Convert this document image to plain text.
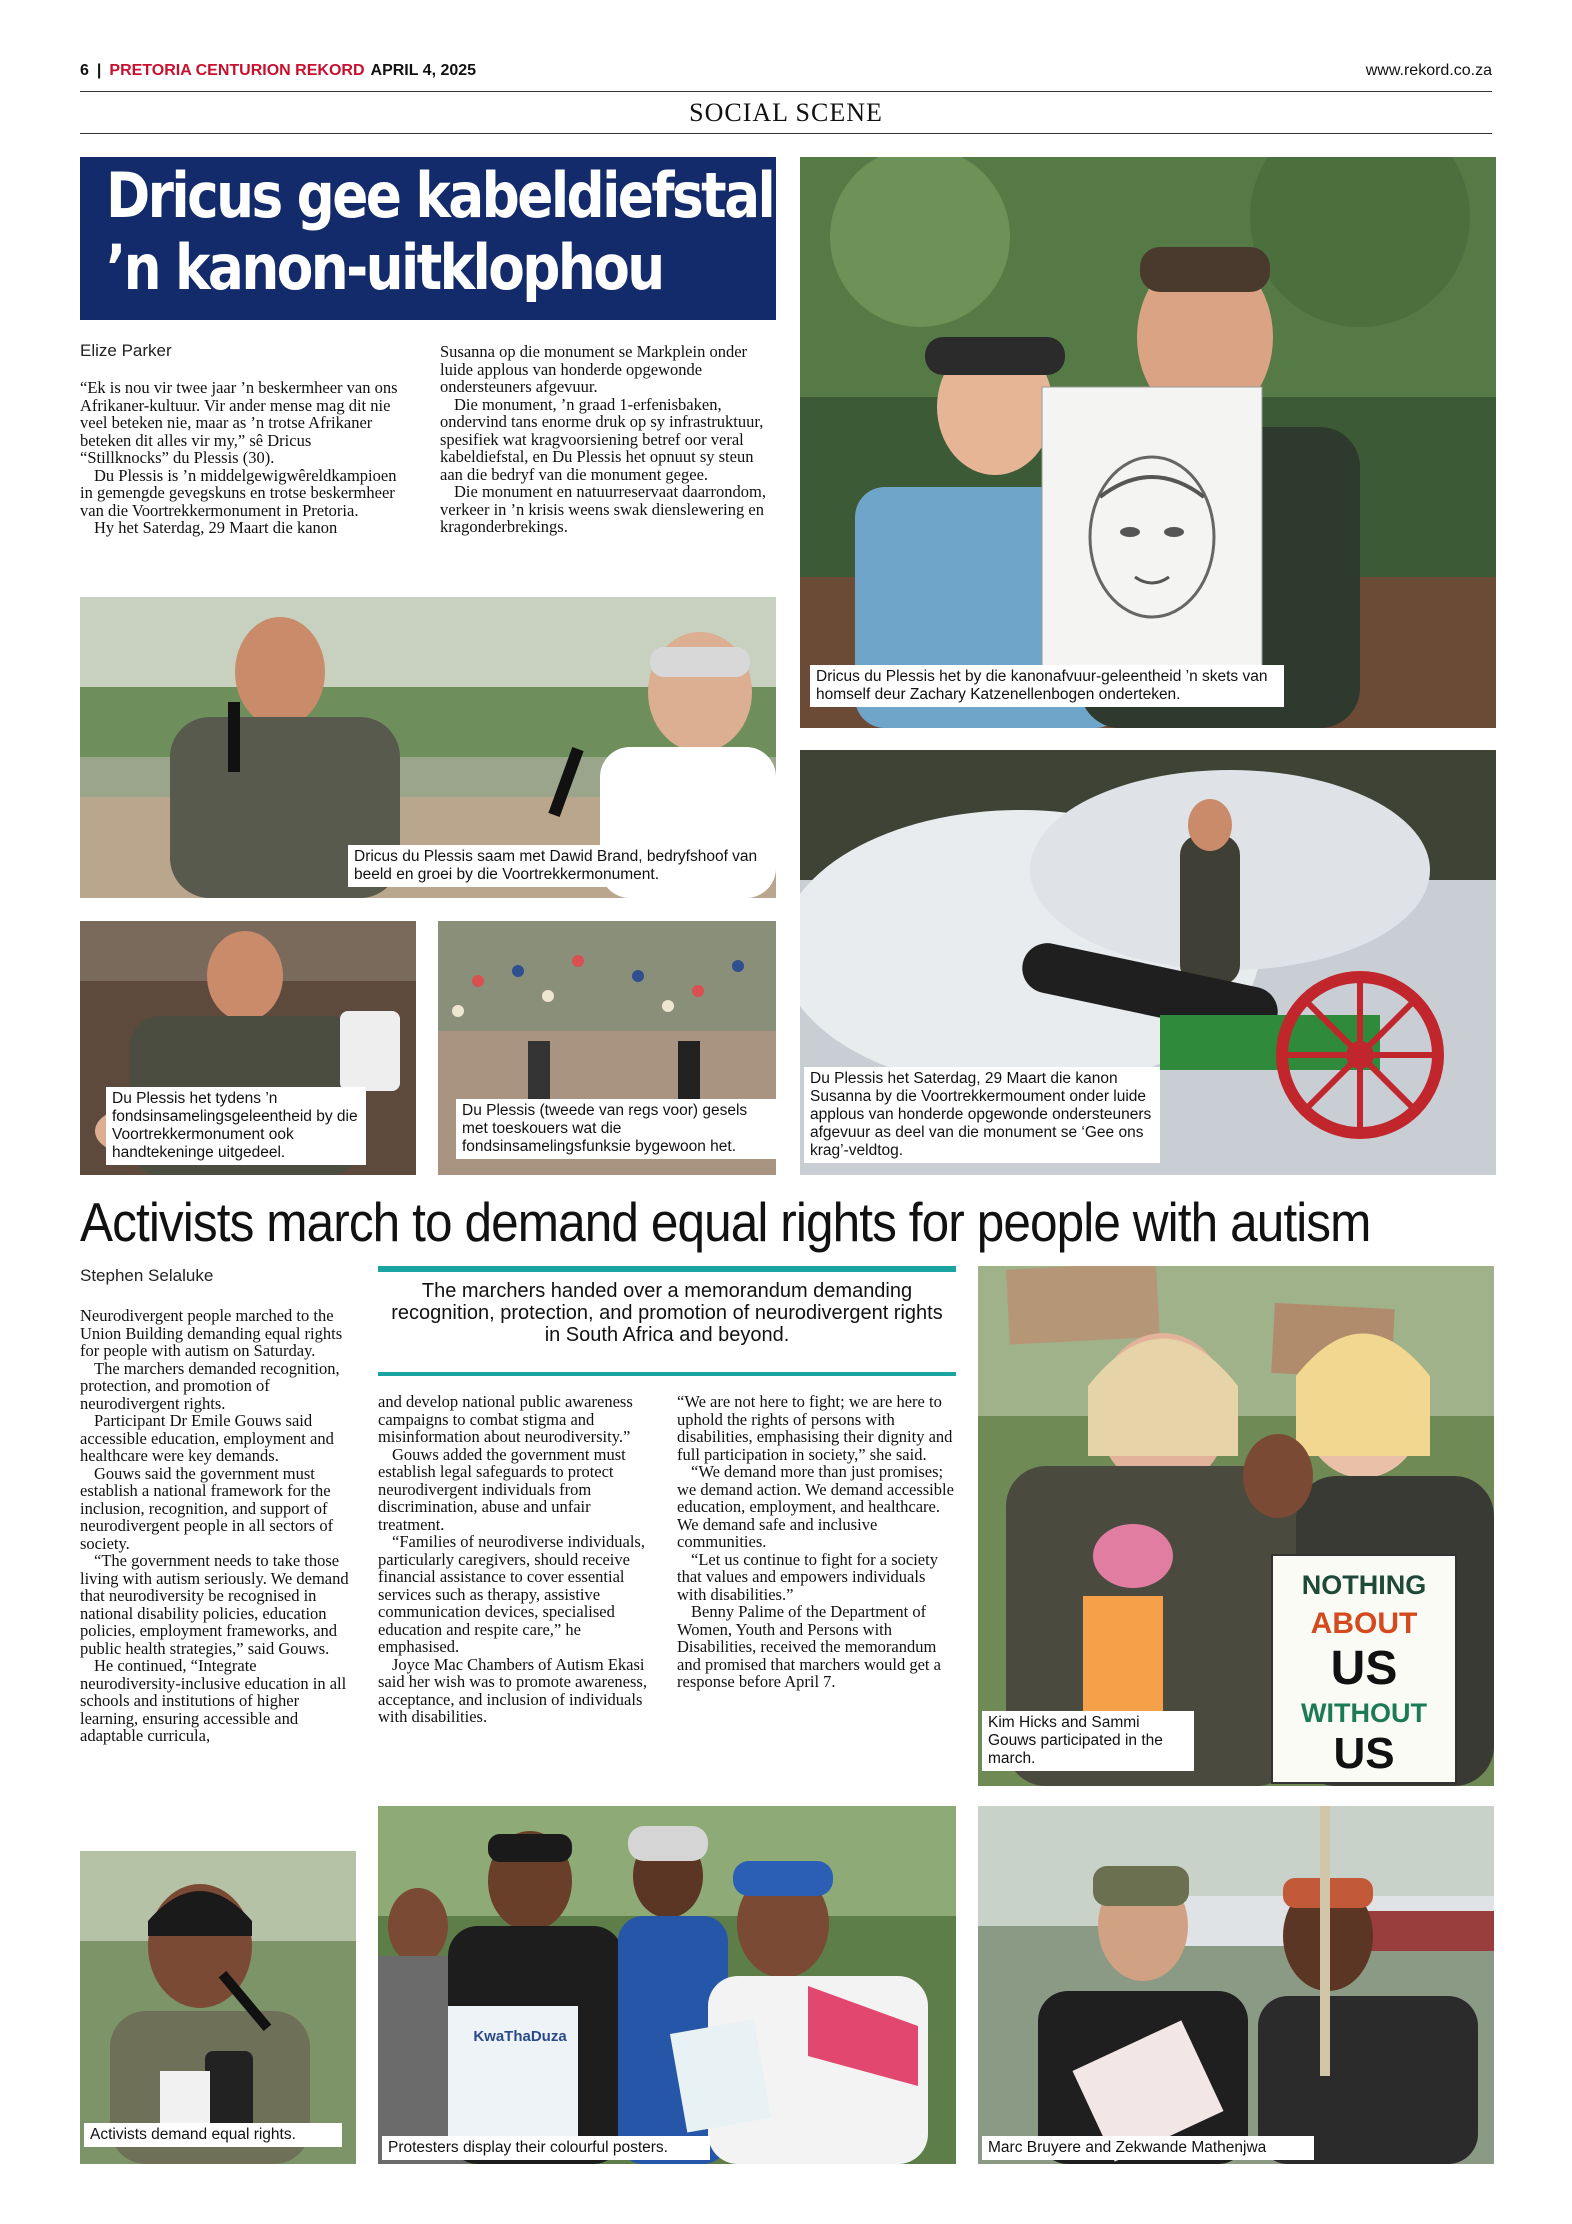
6 | PRETORIA CENTURION REKORD APRIL 4, 2025	www.rekord.co.za
SOCIAL SCENE
Dricus gee kabeldiefstal
’n kanon-uitklophou
Elize Parker

“Ek is nou vir twee jaar ’n beskermheer van ons Afrikaner-kultuur. Vir ander mense mag dit nie veel beteken nie, maar as ’n trotse Afrikaner beteken dit alles vir my,” sê Dricus “Stillknocks” du Plessis (30).

Du Plessis is ’n middelgewigwêreldkampioen in gemengde gevegskuns en trotse beskermheer van die Voortrekkermonument in Pretoria.

Hy het Saterdag, 29 Maart die kanon

Susanna op die monument se Markplein onder luide applous van honderde opgewonde ondersteuners afgevuur.

Die monument, ’n graad 1-erfenisbaken, ondervind tans enorme druk op sy infrastruktuur, spesifiek wat kragvoorsiening betref oor veral kabeldiefstal, en Du Plessis het opnuut sy steun aan die bedryf van die monument gegee.

Die monument en natuurreservaat daarrondom, verkeer in ’n krisis weens swak dienslewering en kragonderbrekings.

Dricus du Plessis het by die kanonafvuur-geleentheid ’n skets van homself deur Zachary Katzenellenbogen onderteken.
Dricus du Plessis saam met Dawid Brand, bedryfshoof van beeld en groei by die Voortrekkermonument.
Du Plessis het tydens ’n fondsinsamelingsgeleentheid by die Voortrekkermonument ook handtekeninge uitgedeel.
Du Plessis (tweede van regs voor) gesels met toeskouers wat die fondsinsamelingsfunksie bygewoon het.
Du Plessis het Saterdag, 29 Maart die kanon Susanna by die Voortrekkermoument onder luide applous van honderde opgewonde ondersteuners afgevuur as deel van die monument se ‘Gee ons krag’-veldtog.
Activists march to demand equal rights for people with autism
Stephen Selaluke
The marchers handed over a memorandum demanding recognition, protection, and promotion of neurodivergent rights in South Africa and beyond.

Neurodivergent people marched to the Union Building demanding equal rights for people with autism on Saturday.

The marchers demanded recognition, protection, and promotion of neurodivergent rights.

Participant Dr Emile Gouws said accessible education, employment and healthcare were key demands.

Gouws said the government must establish a national framework for the inclusion, recognition, and support of neurodivergent people in all sectors of society.

“The government needs to take those living with autism seriously. We demand that neurodiversity be recognised in national disability policies, education policies, employment frameworks, and public health strategies,” said Gouws.

He continued, “Integrate neurodiversity-inclusive education in all schools and institutions of higher learning, ensuring accessible and adaptable curricula,

and develop national public awareness campaigns to combat stigma and misinformation about neurodiversity.”

Gouws added the government must establish legal safeguards to protect neurodivergent individuals from discrimination, abuse and unfair treatment.

“Families of neurodiverse individuals, particularly caregivers, should receive financial assistance to cover essential services such as therapy, assistive communication devices, specialised education and respite care,” he emphasised.

Joyce Mac Chambers of Autism Ekasi said her wish was to promote awareness, acceptance, and inclusion of individuals with disabilities.

“We are not here to fight; we are here to uphold the rights of persons with disabilities, emphasising their dignity and full participation in society,” she said.

“We demand more than just promises; we demand action. We demand accessible education, employment, and healthcare. We demand safe and inclusive communities.

“Let us continue to fight for a society that values and empowers individuals with disabilities.”

Benny Palime of the Department of Women, Youth and Persons with Disabilities, received the memorandum and promised that marchers would get a response before April 7.

NOTHING
ABOUT
US
WITHOUT
US
Kim Hicks and Sammi Gouws participated in the march.
Activists demand equal rights.
KwaThaDuza
Protesters display their colourful posters.	Marc Bruyere and Zekwande Mathenjwa
